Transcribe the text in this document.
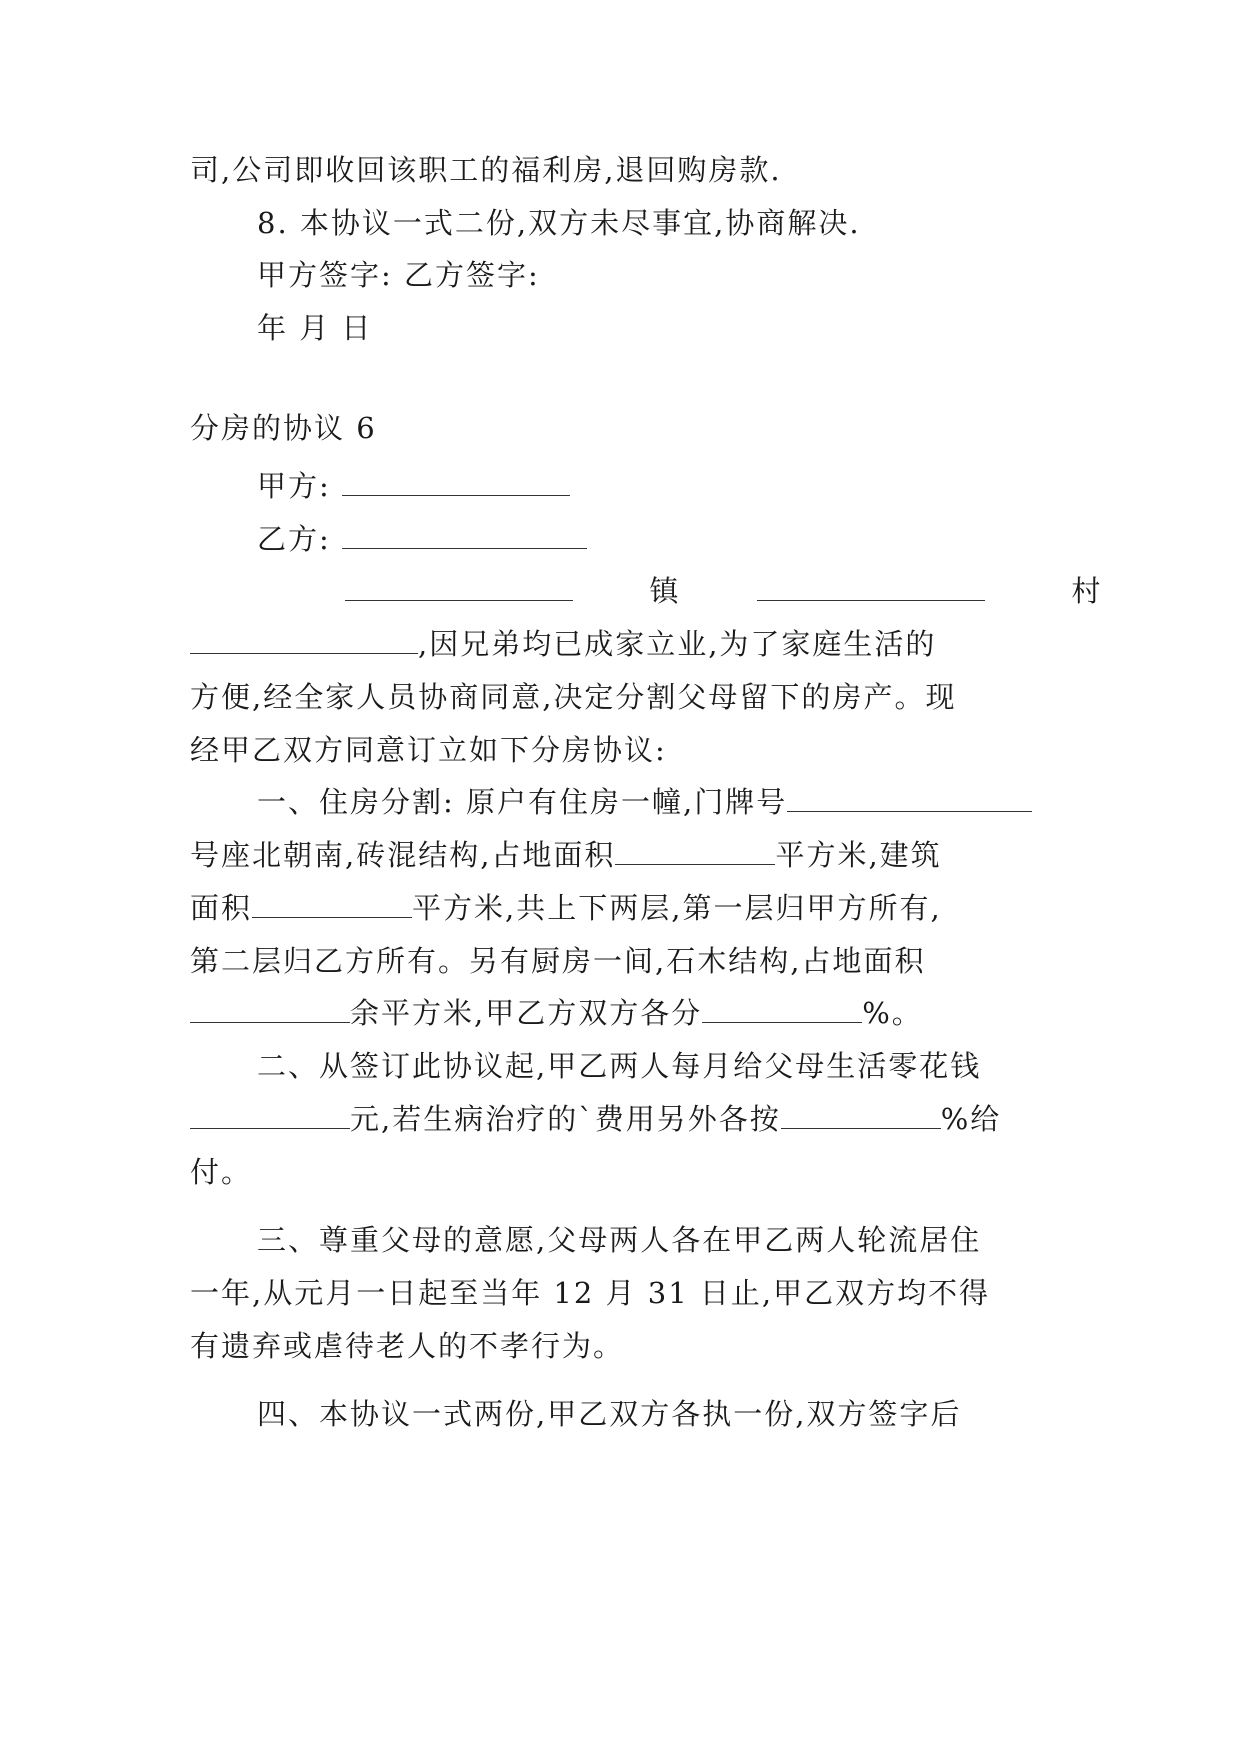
司,公司即收回该职工的福利房,退回购房款.
8. 本协议一式二份,双方未尽事宜,协商解决.
甲方签字: 乙方签字:
年 月 日
分房的协议 6
甲方:
乙方:
镇	村
,因兄弟均已成家立业,为了家庭生活的
方便,经全家人员协商同意,决定分割父母留下的房产。现
经甲乙双方同意订立如下分房协议:
一、住房分割: 原户有住房一幢,门牌号
号座北朝南,砖混结构,占地面积	平方米,建筑
面积	平方米,共上下两层,第一层归甲方所有,
第二层归乙方所有。另有厨房一间,石木结构,占地面积
余平方米,甲乙方双方各分	%。
二、从签订此协议起,甲乙两人每月给父母生活零花钱
元,若生病治疗的`费用另外各按	%给
付。
三、尊重父母的意愿,父母两人各在甲乙两人轮流居住
一年,从元月一日起至当年 12 月 31 日止,甲乙双方均不得
有遗弃或虐待老人的不孝行为。
四、本协议一式两份,甲乙双方各执一份,双方签字后
